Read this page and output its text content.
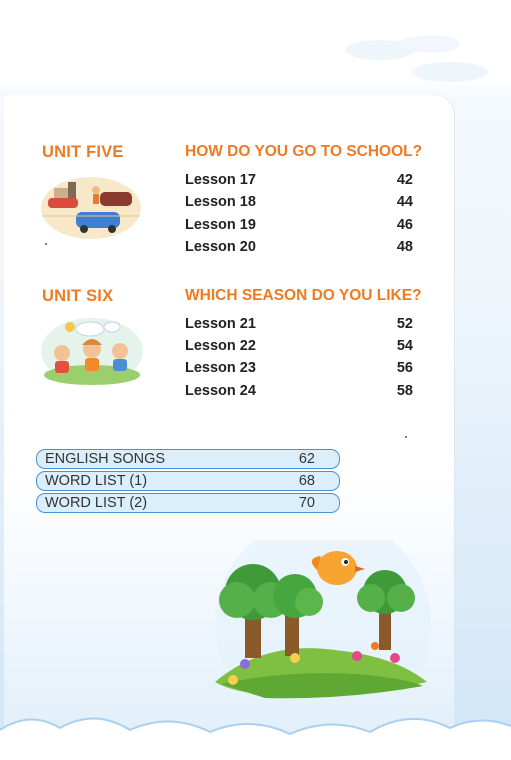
UNIT FIVE	HOW DO YOU GO TO SCHOOL?
Lesson 17	42
Lesson 18	44
Lesson 19	46
Lesson 20	48
UNIT SIX	WHICH SEASON DO YOU LIKE?
Lesson 21	52
Lesson 22	54
Lesson 23	56
Lesson 24	58
ENGLISH SONGS	62
WORD LIST (1)	68
WORD LIST (2)	70
